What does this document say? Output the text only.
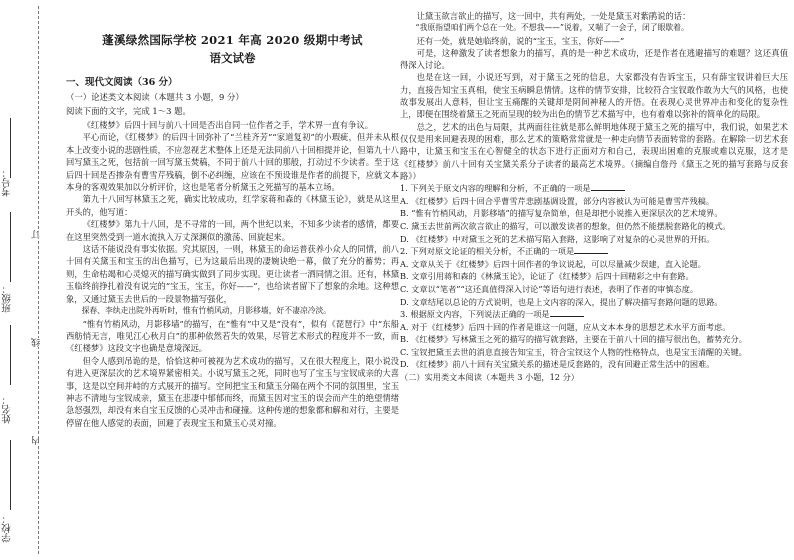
考号：
订
班级：
线
姓名：
内
学校：
蓬溪绿然国际学校 2021 年高 2020 级期中考试
语文试卷
一、现代文阅读（36 分）
（一）论述类文本阅读（本题共 3 小题，9 分）
阅读下面的文字，完成 1～3 题。

《红楼梦》后四十回与前八十回是否出自同一位作者之手，学术界一直有争议。

平心而论，《红楼梦》的后四十回弥补了“兰桂齐芳”“家道复初”的小瑕疵，但并未从根本上改变小说的悲剧性质，不应忽视艺术整体上还是无法同前八十回相提并论，但第九十八回写黛玉之死，包括前一回写黛玉焚稿，不同于前八十回的那般，打动过不少读者。至于这后四十回是否掺杂有曹雪芹残稿，倒不必纠缠，应该在不预设谁是作者的前提下，应就文本本身的客观效果加以分析评价，这也是笔者分析黛玉之死描写的基本立场。

第九十八回写林黛玉之死，确实比较成功，红学家蒋和森的《林黛玉论》，就是从这里开头的，他写道：

《红楼梦》第九十八回，是不寻常的一回，两个世纪以来，不知多少读者的感情，都要在这里突然受到一道水流执入万丈深渊似的激荡、回旋起来。

这话不能说没有事实依据。究其原因，一则，林黛玉的命运普获养小众人的同情，前八十回有关黛玉和宝玉的出色描写，已为这最后出现的凄婉诀绝一幕，做了充分的蓄势；再则，生命枯竭和心灵熄灭的描写确实做到了同步实现。更让读者一洒同情之泪。还有，林黛玉临终前挣扎着没有说完的“宝玉，宝玉，你好——”，也给读者留下了想象的余地。这种想象，又通过黛玉去世后的一段景物描写强化，

探春、李纨走出院外再听时，惟有竹梢风动，月影移墙，好不凄凉冷淡。

“惟有竹梢风动，月影移墙”的描写，在“惟有”中又是“没有”，似有《琵琶行》中“东船西舫悄无言，唯见江心秋月白”的那种依然若失的效果，尽管艺术形式的程度并不一致，而《红楼梦》这段文字也确是意境深远。

但令人感到吊诡的是，恰恰这种可被视为艺术成功的描写，又在很大程度上，限小说没有进入更深层次的艺术境界紧密相关。小说写黛玉之死，同时也写了宝玉与宝钗成亲的大喜事，这是以空间并峙的方式展开的描写。空间把宝玉和黛玉分隔在两个不同的氛围里，宝玉神志不清地与宝钗成亲，黛玉在悲凄中郁郁而终，而黛玉因对宝玉的误会而产生的绝望情绪急怒强烈，却没有来自宝玉反馈的心灵冲击和碰撞。这种传递的想象都和解和对行，主要是停留在他人感觉的表面，回避了表现宝玉和黛玉心灵对撞。

让黛玉欲言欲止的描写，这一回中，共有两处，一处是黛玉对紫鹃说的话：

“我原指望咱们两个总在一处。不想我——”说着，又喘了一会子，闭了眼歇着。

还有一处，就是她临终前，说的“宝玉，宝玉，你好——”

可是，这种激发了读者想象力的描写，真的是一种艺术成功，还是作者在逃避描写的难题？这还真值得深入讨论。

也是在这一回，小说还写到，对于黛玉之死的信息，大家都没有告诉宝玉，只有薛宝钗讲着巨大压力，直接告知宝玉真相，使宝玉病瞬息情情。这样的情节安排，比较符合宝钗敢作敢为大气的风格，也使故事发展出人意料，但让宝玉痛醒的关键却是阴间神秘人的开悟。在表现心灵世界冲击和变化的复杂性上，即便在围绕着黛玉之死而呈现的较为出色的情节艺术描写中，也有着难以弥补的简单化的局限。

总之，艺术的出色与局限，其两面往往就是那么鲜明地体现于黛玉之死的描写中，我们说，如果艺术仅仅是用来回避表现的困难，那么艺术的策略常常就是一种走向情节表面转常的套路。在解除一切艺术套路中，让黛玉和宝玉在心智健全的状态下进行正面对方和自己，表现出困难的克服或难以克服，这才是《红楼梦》前八十回有关宝黛关系分子读者的最高艺术境界。（摘编自詹丹《黛玉之死的描写套路与反套路》）

1. 下列关于原文内容的理解和分析，不正确的一项是

A. 《红楼梦》后四十回合乎曹雪芹悲剧基调设置，部分内容被认为可能是曹雪芹残稿。

B. “惟有竹梢风动，月影移墙”的描写复杂简单，但是却把小说推入更深层次的艺术境界。

C. 黛玉去世前两次欲言欲止的描写，可以激发读者的想象，但仍然不能摆脱套路化的模式。

D. 《红楼梦》中对黛玉之死的艺术描写陷入套路，这影响了对复杂的心灵世界的开拓。

2. 下列对原文论证的相关分析，不正确的一项是

A. 文章从关于《红楼梦》后四十回作者的争议说起，可以尽量减少误建，直入论题。

B. 文章引用蒋和森的《林黛玉论》，论证了《红楼梦》后四十回精彩之中有套路。

C. 文章以“笔者”“这还真值得深入讨论”等语句进行表述，表明了作者的审慎态度。

D. 文章结尾以总论的方式说明，也是上文内容的深入，提出了解决描写套路问题的思路。

3. 根据原文内容，下列说法正确的一项是

A. 对于《红楼梦》后四十回的作者是谁这一问题，应从文本本身的思想艺术水平方面考虑。

B. 《红楼梦》写林黛玉之死的描写的描写就套路，主要在于前八十回的描写很出色，蓄势充分。

C. 宝钗把黛玉去世的消息直接告知宝玉，符合宝钗这个人物的性格特点，也是宝玉清醒的关键。

D. 《红楼梦》前八十回有关宝黛关系的描述是反套路的，没有回避正常生活中的困难。

（二）实用类文本阅读（本题共 3 小题，12 分）
